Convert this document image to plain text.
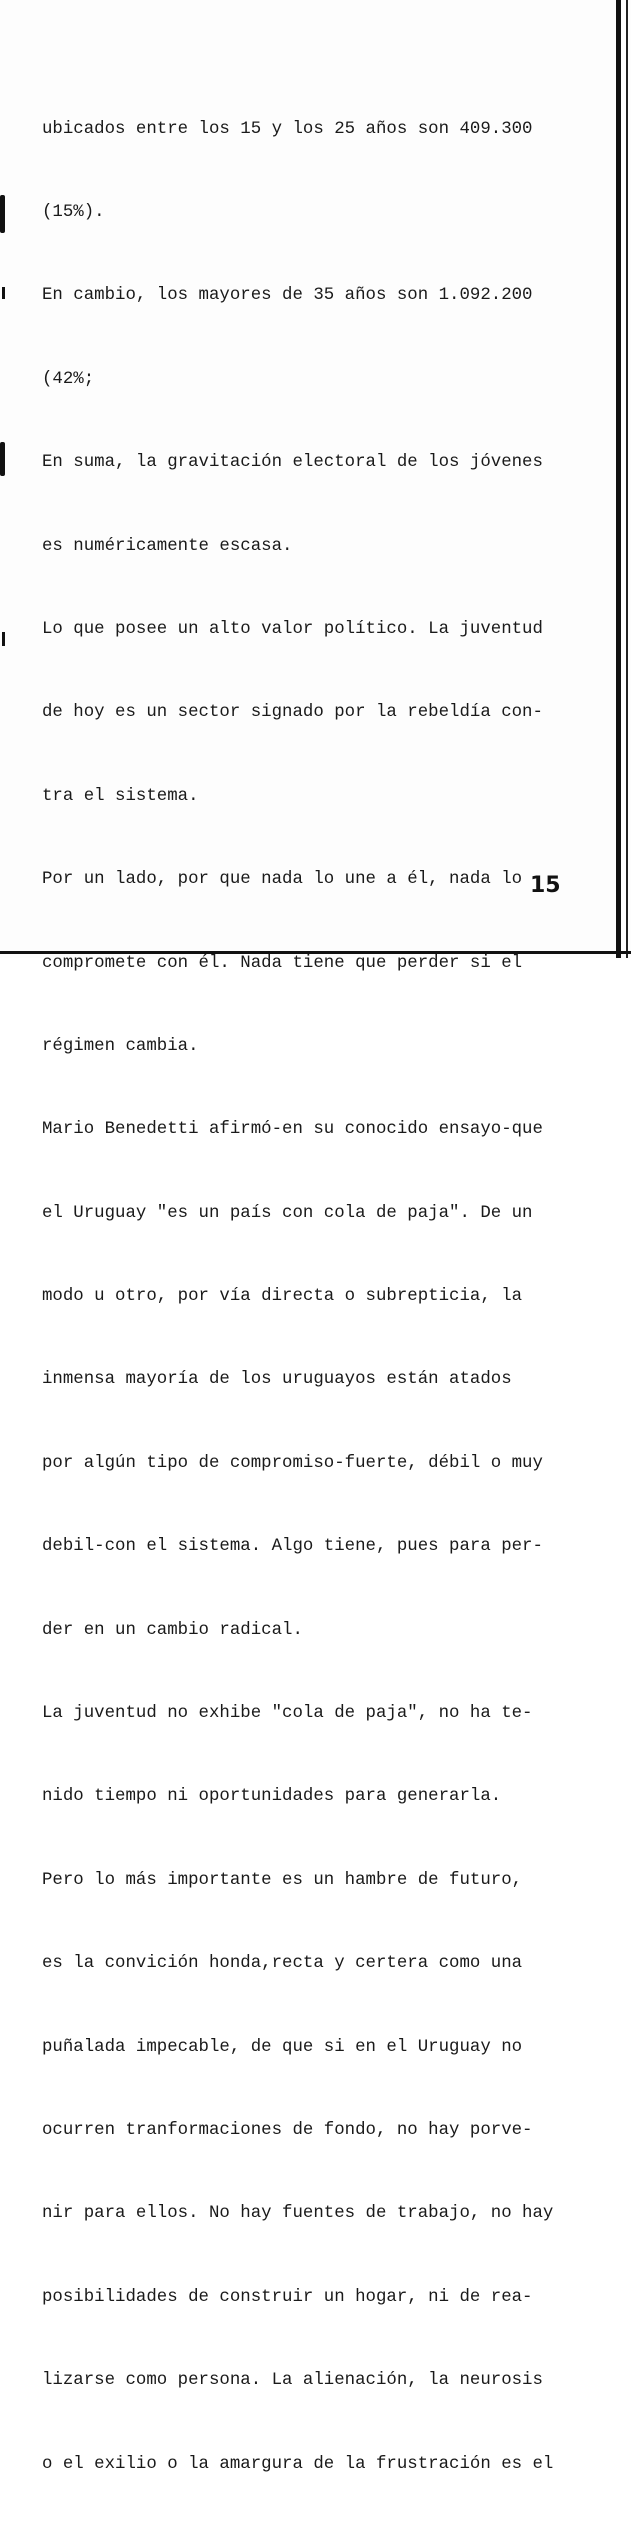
ubicados entre los 15 y los 25 años son 409.300

(15%).

En cambio, los mayores de 35 años son 1.092.200

(42%;

En suma, la gravitación electoral de los jóvenes

es numéricamente escasa.

Lo que posee un alto valor político. La juventud

de hoy es un sector signado por la rebeldía con-

tra el sistema.

Por un lado, por que nada lo une a él, nada lo

compromete con él. Nada tiene que perder si el

régimen cambia.

Mario Benedetti afirmó-en su conocido ensayo-que

el Uruguay "es un país con cola de paja". De un

modo u otro, por vía directa o subrepticia, la

inmensa mayoría de los uruguayos están atados

por algún tipo de compromiso-fuerte, débil o muy

debil-con el sistema. Algo tiene, pues para per-

der en un cambio radical.

La juventud no exhibe "cola de paja", no ha te-

nido tiempo ni oportunidades para generarla.

Pero lo más importante es un hambre de futuro,

es la convición honda,recta y certera como una

puñalada impecable, de que si en el Uruguay no

ocurren tranformaciones de fondo, no hay porve-

nir para ellos. No hay fuentes de trabajo, no hay

posibilidades de construir un hogar, ni de rea-

lizarse como persona. La alienación, la neurosis

o el exilio o la amargura de la frustración es el

15
